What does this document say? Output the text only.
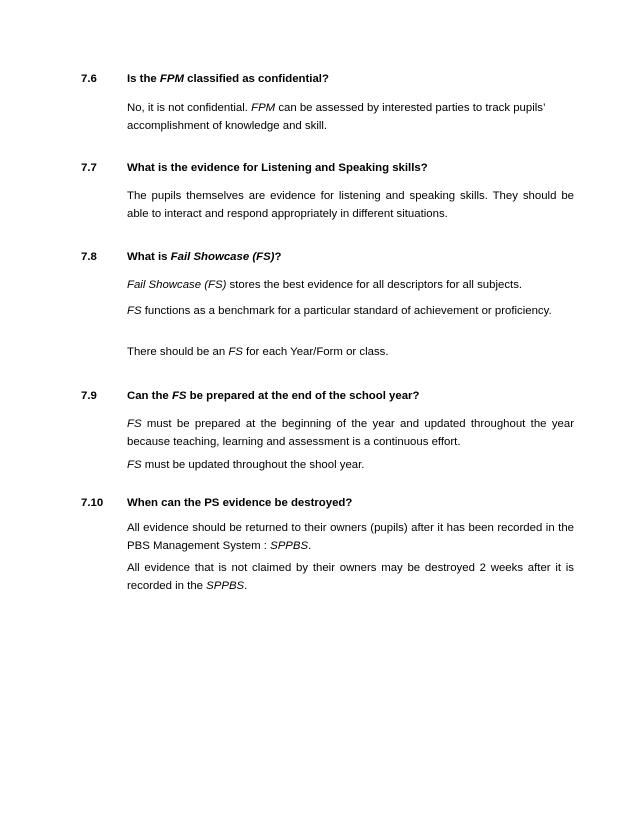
7.6	Is the FPM classified as confidential?
No, it is not confidential. FPM can be assessed by interested parties to track pupils’ accomplishment of knowledge and skill.
7.7	What is the evidence for Listening and Speaking skills?
The pupils themselves are evidence for listening and speaking skills. They should be able to interact and respond appropriately in different situations.
7.8	What is Fail Showcase (FS)?
Fail Showcase (FS) stores the best evidence for all descriptors for all subjects.
FS functions as a benchmark for a particular standard of achievement or proficiency.
There should be an FS for each Year/Form or class.
7.9	Can the FS be prepared at the end of the school year?
FS must be prepared at the beginning of the year and updated throughout the year because teaching, learning and assessment is a continuous effort.
FS must be updated throughout the shool year.
7.10	When can the PS evidence be destroyed?
All evidence should be returned to their owners (pupils) after it has been recorded in the PBS Management System : SPPBS.
All evidence that is not claimed by their owners may be destroyed 2 weeks after it is recorded in the SPPBS.
